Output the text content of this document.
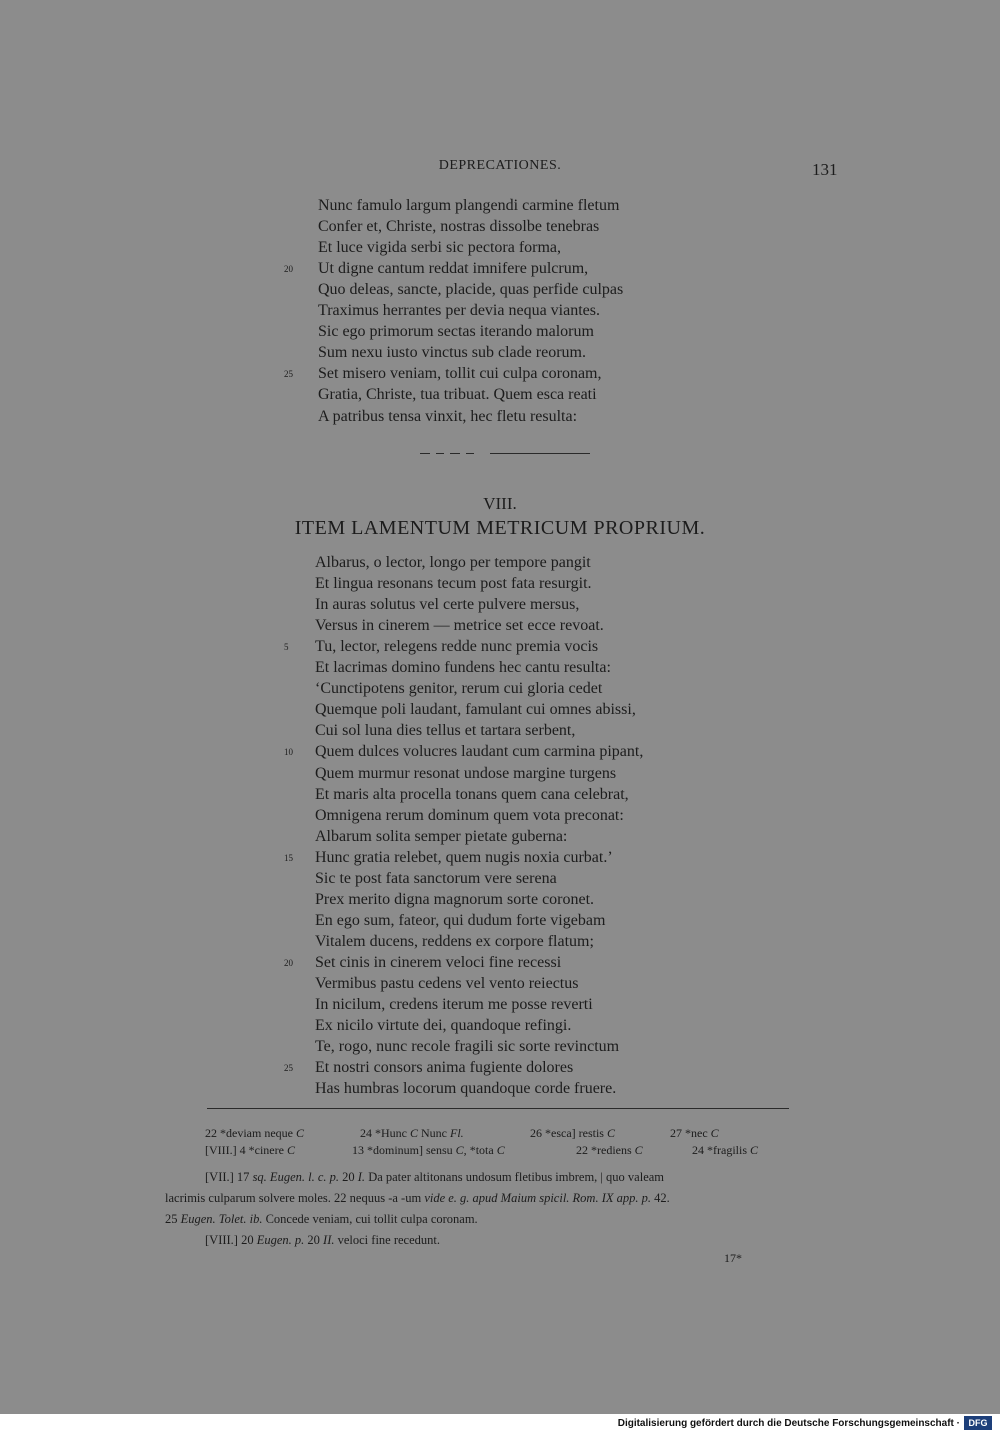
DEPRECATIONES.	131
Nunc famulo largum plangendi carmine fletum
Confer et, Christe, nostras dissolbe tenebras
Et luce vigida serbi sic pectora forma,
20	Ut digne cantum reddat imnifere pulcrum,
Quo deleas, sancte, placide, quas perfide culpas
Traximus herrantes per devia nequa viantes.
Sic ego primorum sectas iterando malorum
Sum nexu iusto vinctus sub clade reorum.
25	Set misero veniam, tollit cui culpa coronam,
Gratia, Christe, tua tribuat. Quem esca reati
A patribus tensa vinxit, hec fletu resulta:
VIII.
ITEM LAMENTUM METRICUM PROPRIUM.
Albarus, o lector, longo per tempore pangit
Et lingua resonans tecum post fata resurgit.
In auras solutus vel certe pulvere mersus,
Versus in cinerem — metrice set ecce revoat.
5	Tu, lector, relegens redde nunc premia vocis
Et lacrimas domino fundens hec cantu resulta:
‘Cunctipotens genitor, rerum cui gloria cedet
Quemque poli laudant, famulant cui omnes abissi,
Cui sol luna dies tellus et tartara serbent,
10	Quem dulces volucres laudant cum carmina pipant,
Quem murmur resonat undose margine turgens
Et maris alta procella tonans quem cana celebrat,
Omnigena rerum dominum quem vota preconat:
Albarum solita semper pietate guberna:
15	Hunc gratia relebet, quem nugis noxia curbat.’
Sic te post fata sanctorum vere serena
Prex merito digna magnorum sorte coronet.
En ego sum, fateor, qui dudum forte vigebam
Vitalem ducens, reddens ex corpore flatum;
20	Set cinis in cinerem veloci fine recessi
Vermibus pastu cedens vel vento reiectus
In nicilum, credens iterum me posse reverti
Ex nicilo virtute dei, quandoque refingi.
Te, rogo, nunc recole fragili sic sorte revinctum
25	Et nostri consors anima fugiente dolores
Has humbras locorum quandoque corde fruere.
22 *deviam neque C	24 *Hunc C Nunc Fl.	26 *esca] restis C	27 *nec C
[VIII.] 4 *cinere C	13 *dominum] sensu C, *tota C	22 *rediens C	24 *fragilis C
[VII.] 17 sq. Eugen. l. c. p. 20 I. Da pater altitonans undosum fletibus imbrem, | quo valeam
lacrimis culparum solvere moles. 22 nequus -a -um vide e. g. apud Maium spicil. Rom. IX app. p. 42.
25 Eugen. Tolet. ib. Concede veniam, cui tollit culpa coronam.
[VIII.] 20 Eugen. p. 20 II. veloci fine recedunt.
17*
Digitalisierung gefördert durch die Deutsche Forschungsgemeinschaft · DFG
